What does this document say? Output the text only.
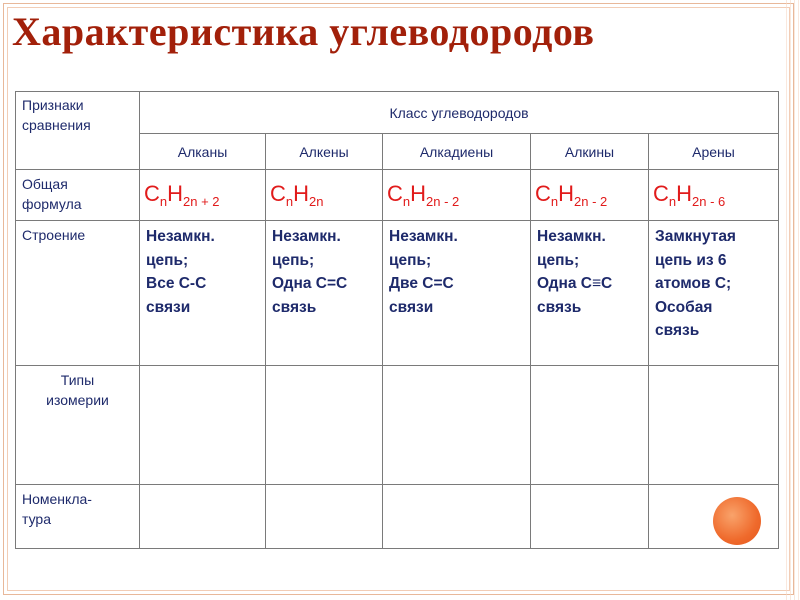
Характеристика углеводородов
Признаки
сравнения	Класс углеводородов				
	Алканы	Алкены	Алкадиены	Алкины	Арены
Общая
формула	$C_nH_{2n + 2}$	$C_nH_{2n}$	$C_nH_{2n - 2}$	$C_nH_{2n - 2}$	$C_nH_{2n - 6}$
Строение	Незамкн.
цепь;
Все C-C
связи	Незамкн.
цепь;
Одна C=C
связь	Незамкн.
цепь;
Две C=C
связи	Незамкн.
цепь;
Одна C≡C
связь	Замкнутая
цепь из 6
атомов C;
Особая
связь
Типы
изомерии					
Номенкла-
тура					
